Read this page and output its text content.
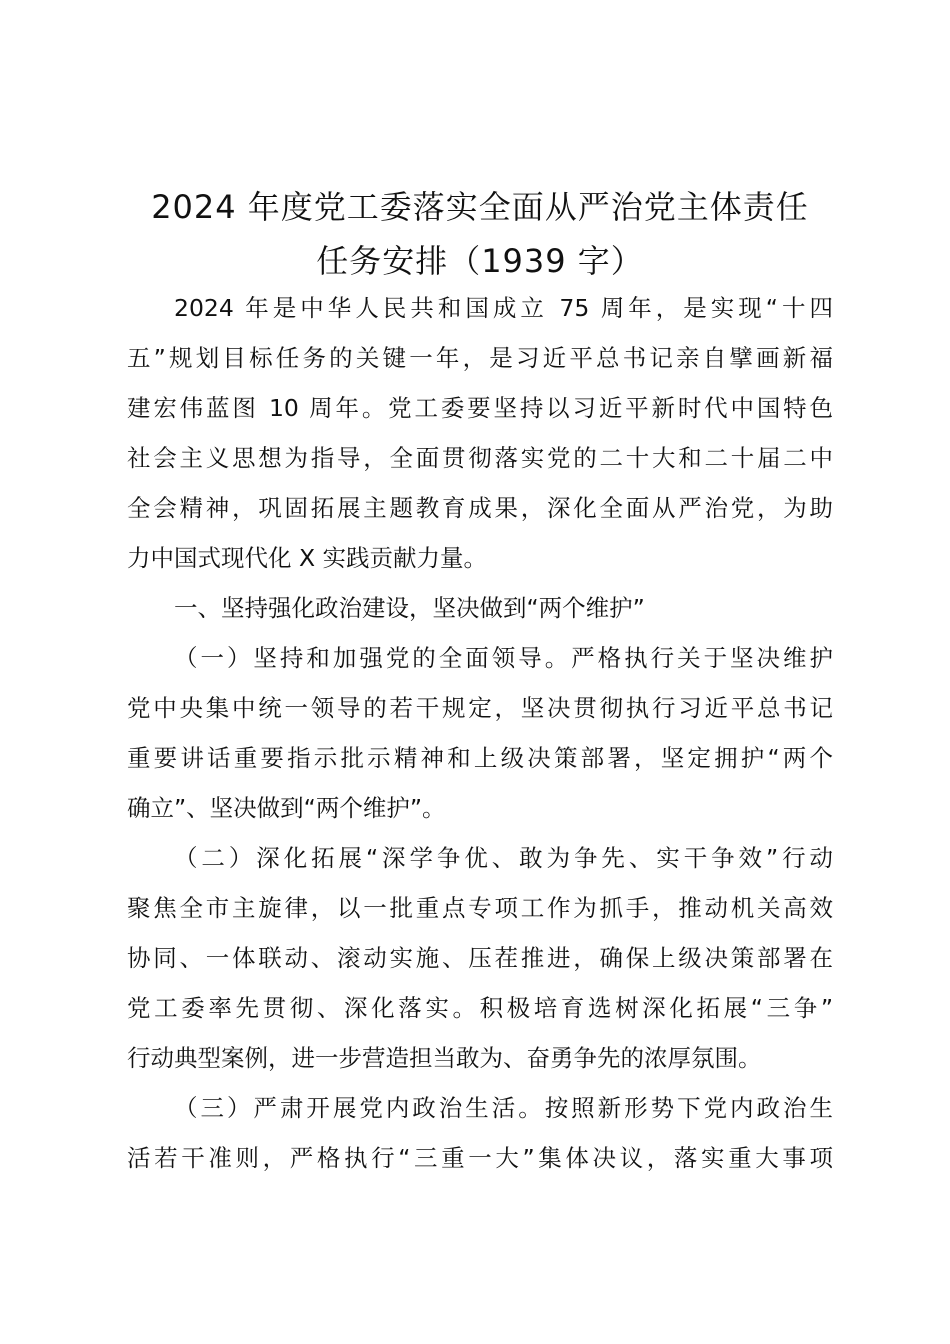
2024 年度党工委落实全面从严治党主体责任
任务安排（1939 字）
2024 年是中华人民共和国成立 75 周年，是实现“十四
五”规划目标任务的关键一年，是习近平总书记亲自擘画新福
建宏伟蓝图 10 周年。党工委要坚持以习近平新时代中国特色
社会主义思想为指导，全面贯彻落实党的二十大和二十届二中
全会精神，巩固拓展主题教育成果，深化全面从严治党，为助
力中国式现代化 X 实践贡献力量。
一、坚持强化政治建设，坚决做到“两个维护”
（一）坚持和加强党的全面领导。严格执行关于坚决维护
党中央集中统一领导的若干规定，坚决贯彻执行习近平总书记
重要讲话重要指示批示精神和上级决策部署，坚定拥护“两个
确立”、坚决做到“两个维护”。
（二）深化拓展“深学争优、敢为争先、实干争效”行动
聚焦全市主旋律，以一批重点专项工作为抓手，推动机关高效
协同、一体联动、滚动实施、压茬推进，确保上级决策部署在
党工委率先贯彻、深化落实。积极培育选树深化拓展“三争”
行动典型案例，进一步营造担当敢为、奋勇争先的浓厚氛围。
（三）严肃开展党内政治生活。按照新形势下党内政治生
活若干准则，严格执行“三重一大”集体决议，落实重大事项
